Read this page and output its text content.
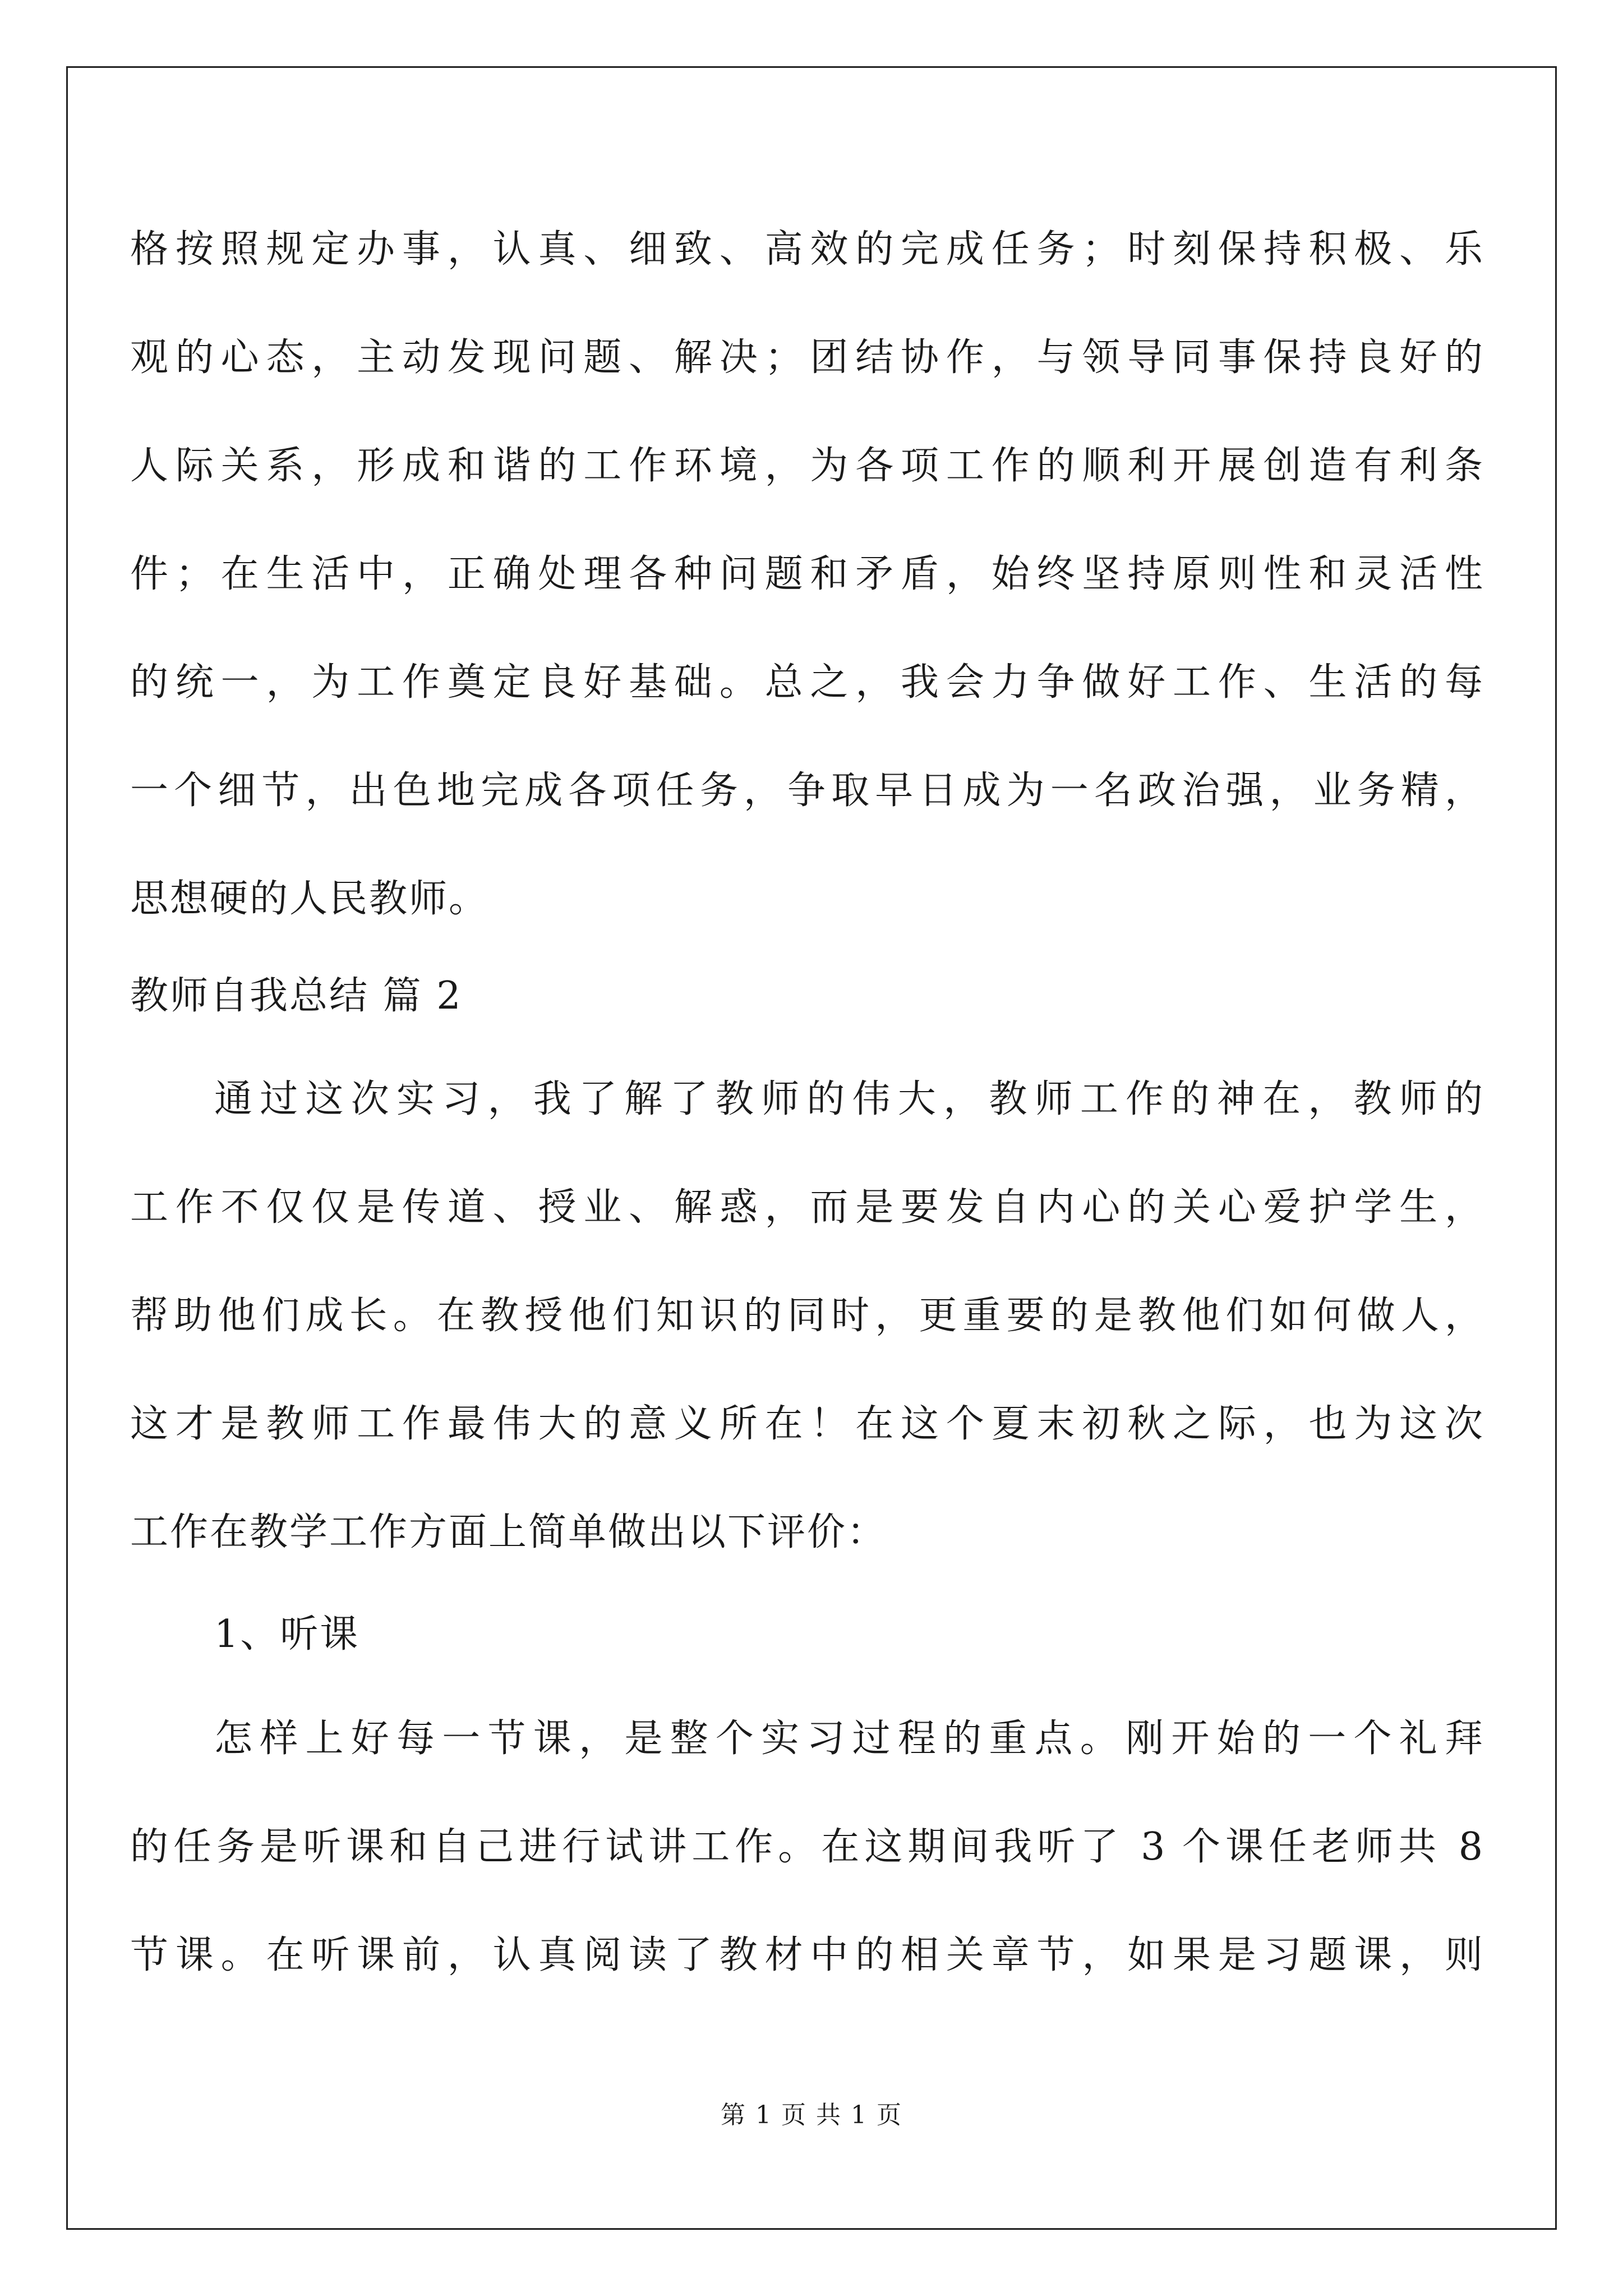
格按照规定办事，认真、细致、高效的完成任务；时刻保持积极、乐
观的心态，主动发现问题、解决；团结协作，与领导同事保持良好的
人际关系，形成和谐的工作环境，为各项工作的顺利开展创造有利条
件；在生活中，正确处理各种问题和矛盾，始终坚持原则性和灵活性
的统一，为工作奠定良好基础。总之，我会力争做好工作、生活的每
一个细节，出色地完成各项任务，争取早日成为一名政治强，业务精，
思想硬的人民教师。
教师自我总结 篇 2
通过这次实习，我了解了教师的伟大，教师工作的神在，教师的
工作不仅仅是传道、授业、解惑，而是要发自内心的关心爱护学生，
帮助他们成长。在教授他们知识的同时，更重要的是教他们如何做人，
这才是教师工作最伟大的意义所在！在这个夏末初秋之际，也为这次
工作在教学工作方面上简单做出以下评价：
1、听课
怎样上好每一节课，是整个实习过程的重点。刚开始的一个礼拜
的任务是听课和自己进行试讲工作。在这期间我听了 3 个课任老师共 8
节课。在听课前，认真阅读了教材中的相关章节，如果是习题课，则
第 1 页 共 1 页
